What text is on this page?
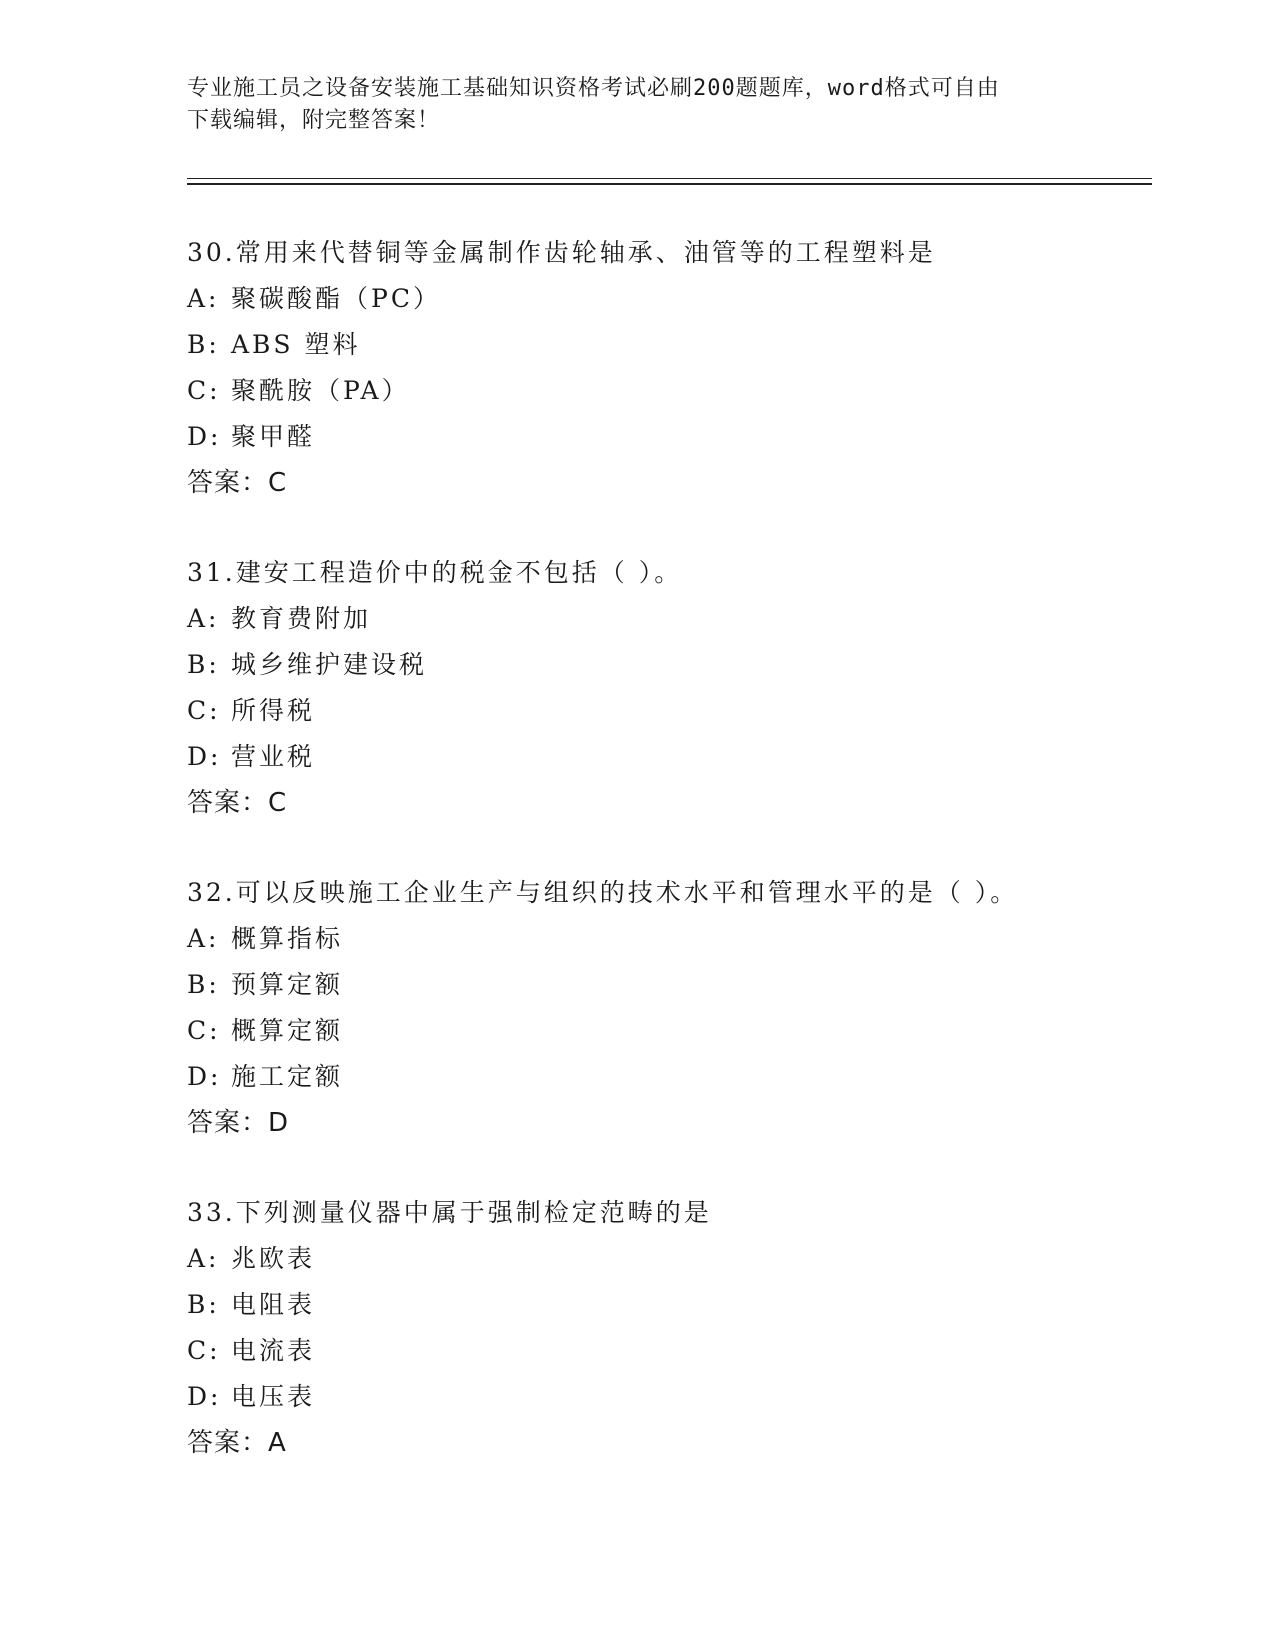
专业施工员之设备安装施工基础知识资格考试必刷200题题库，word格式可自由
下载编辑，附完整答案！
30.常用来代替铜等金属制作齿轮轴承、油管等的工程塑料是
A: 聚碳酸酯（PC）
B: ABS 塑料
C: 聚酰胺（PA）
D: 聚甲醛
答案：C
31.建安工程造价中的税金不包括（ ）。
A: 教育费附加
B: 城乡维护建设税
C: 所得税
D: 营业税
答案：C
32.可以反映施工企业生产与组织的技术水平和管理水平的是（ ）。
A: 概算指标
B: 预算定额
C: 概算定额
D: 施工定额
答案：D
33.下列测量仪器中属于强制检定范畴的是
A: 兆欧表
B: 电阻表
C: 电流表
D: 电压表
答案：A
